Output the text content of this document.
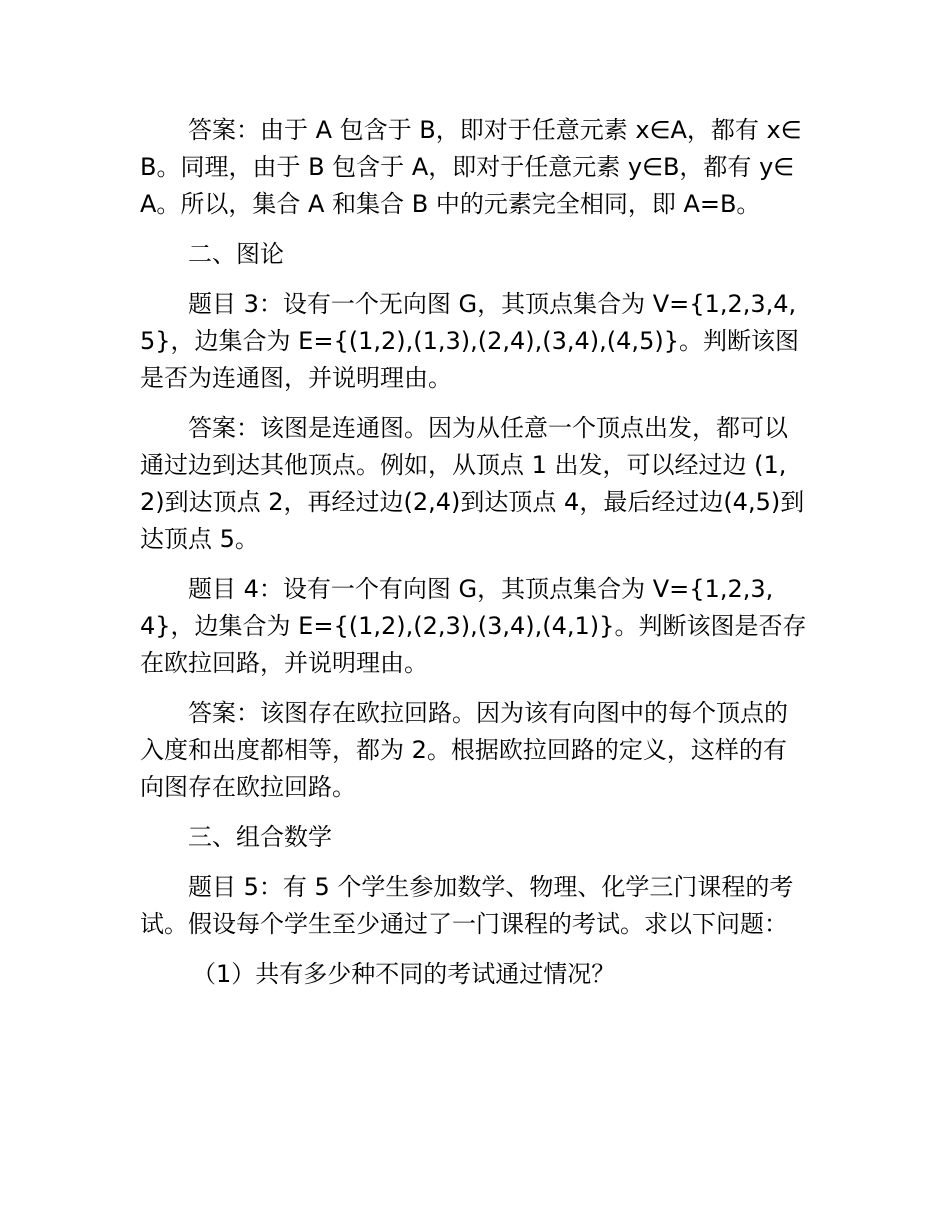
答案：由于 A 包含于 B，即对于任意元素 x∈A，都有 x∈B。同理，由于 B 包含于 A，即对于任意元素 y∈B，都有 y∈A。所以，集合 A 和集合 B 中的元素完全相同，即 A=B。

二、图论

题目 3：设有一个无向图 G，其顶点集合为 V={1,2,3,4,5}，边集合为 E={(1,2),(1,3),(2,4),(3,4),(4,5)}。判断该图是否为连通图，并说明理由。

答案：该图是连通图。因为从任意一个顶点出发，都可以通过边到达其他顶点。例如，从顶点 1 出发，可以经过边 (1,2)到达顶点 2，再经过边(2,4)到达顶点 4，最后经过边(4,5)到达顶点 5。

题目 4：设有一个有向图 G，其顶点集合为 V={1,2,3,4}，边集合为 E={(1,2),(2,3),(3,4),(4,1)}。判断该图是否存在欧拉回路，并说明理由。

答案：该图存在欧拉回路。因为该有向图中的每个顶点的入度和出度都相等，都为 2。根据欧拉回路的定义，这样的有向图存在欧拉回路。

三、组合数学

题目 5：有 5 个学生参加数学、物理、化学三门课程的考试。假设每个学生至少通过了一门课程的考试。求以下问题：

（1）共有多少种不同的考试通过情况？
